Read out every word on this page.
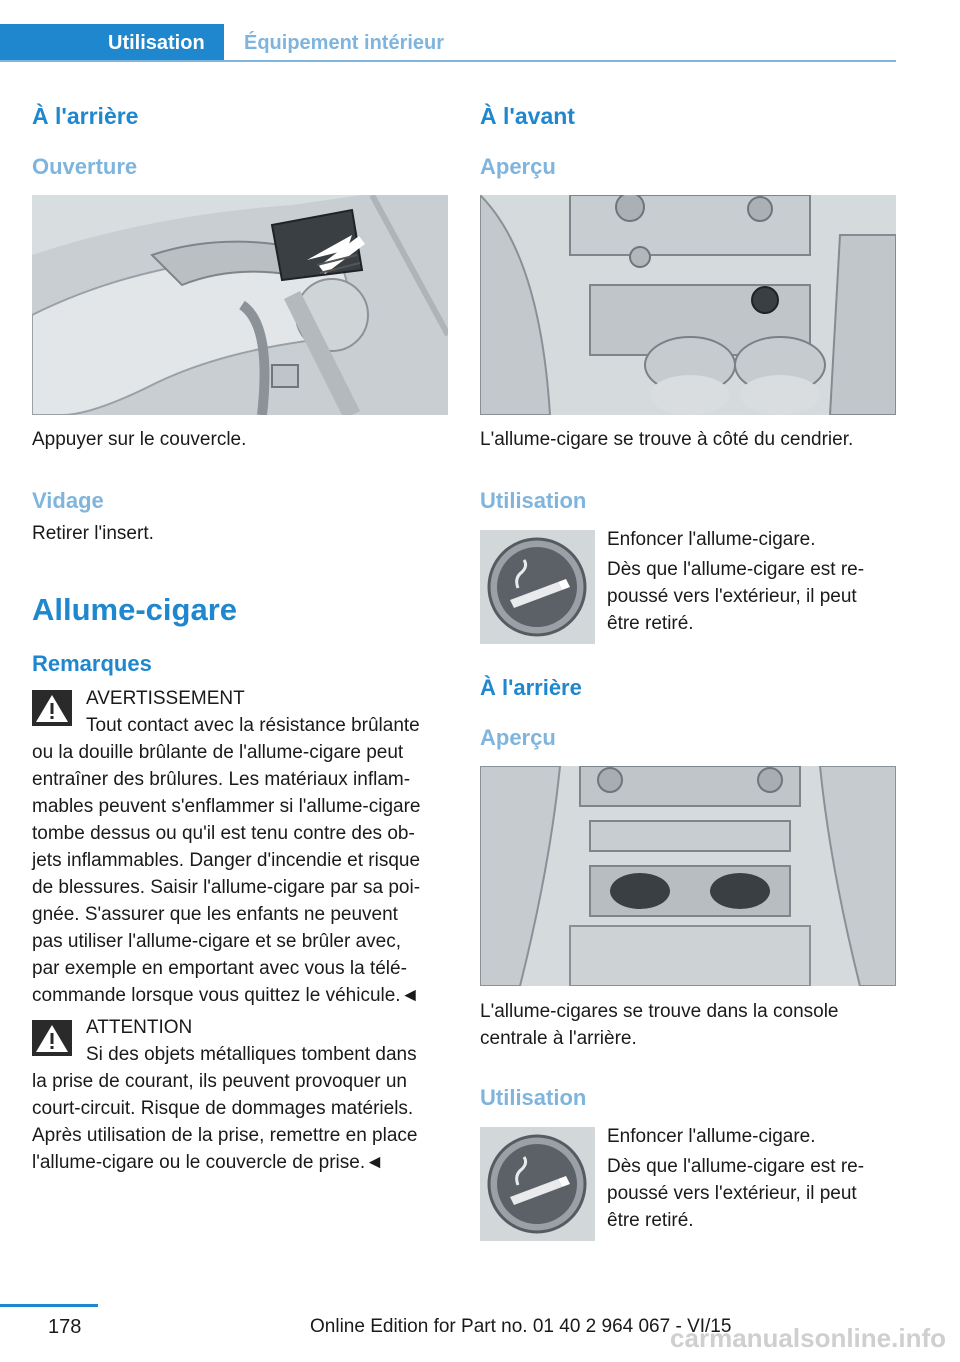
Utilisation	Équipement intérieur
À l'arrière
Ouverture

Appuyer sur le couvercle.

Vidage

Retirer l'insert.

Allume-cigare
Remarques

AVERTISSEMENT

Tout contact avec la résistance brûlante

ou la douille brûlante de l'allume-cigare peut

entraîner des brûlures. Les matériaux inflam‐

mables peuvent s'enflammer si l'allume-cigare

tombe dessus ou qu'il est tenu contre des ob‐

jets inflammables. Danger d'incendie et risque

de blessures. Saisir l'allume-cigare par sa poi‐

gnée. S'assurer que les enfants ne peuvent

pas utiliser l'allume-cigare et se brûler avec,

par exemple en emportant avec vous la télé‐

commande lorsque vous quittez le véhicule.◄

ATTENTION

Si des objets métalliques tombent dans

la prise de courant, ils peuvent provoquer un

court-circuit. Risque de dommages matériels.

Après utilisation de la prise, remettre en place

l'allume-cigare ou le couvercle de prise.◄

À l'avant
Aperçu

L'allume-cigare se trouve à côté du cendrier.

Utilisation

Enfoncer l'allume-cigare.

Dès que l'allume-cigare est re‐

poussé vers l'extérieur, il peut

être retiré.

À l'arrière
Aperçu

L'allume-cigares se trouve dans la console

centrale à l'arrière.

Utilisation

Enfoncer l'allume-cigare.

Dès que l'allume-cigare est re‐

poussé vers l'extérieur, il peut

être retiré.

178	Online Edition for Part no. 01 40 2 964 067 - VI/15
carmanualsonline.info
